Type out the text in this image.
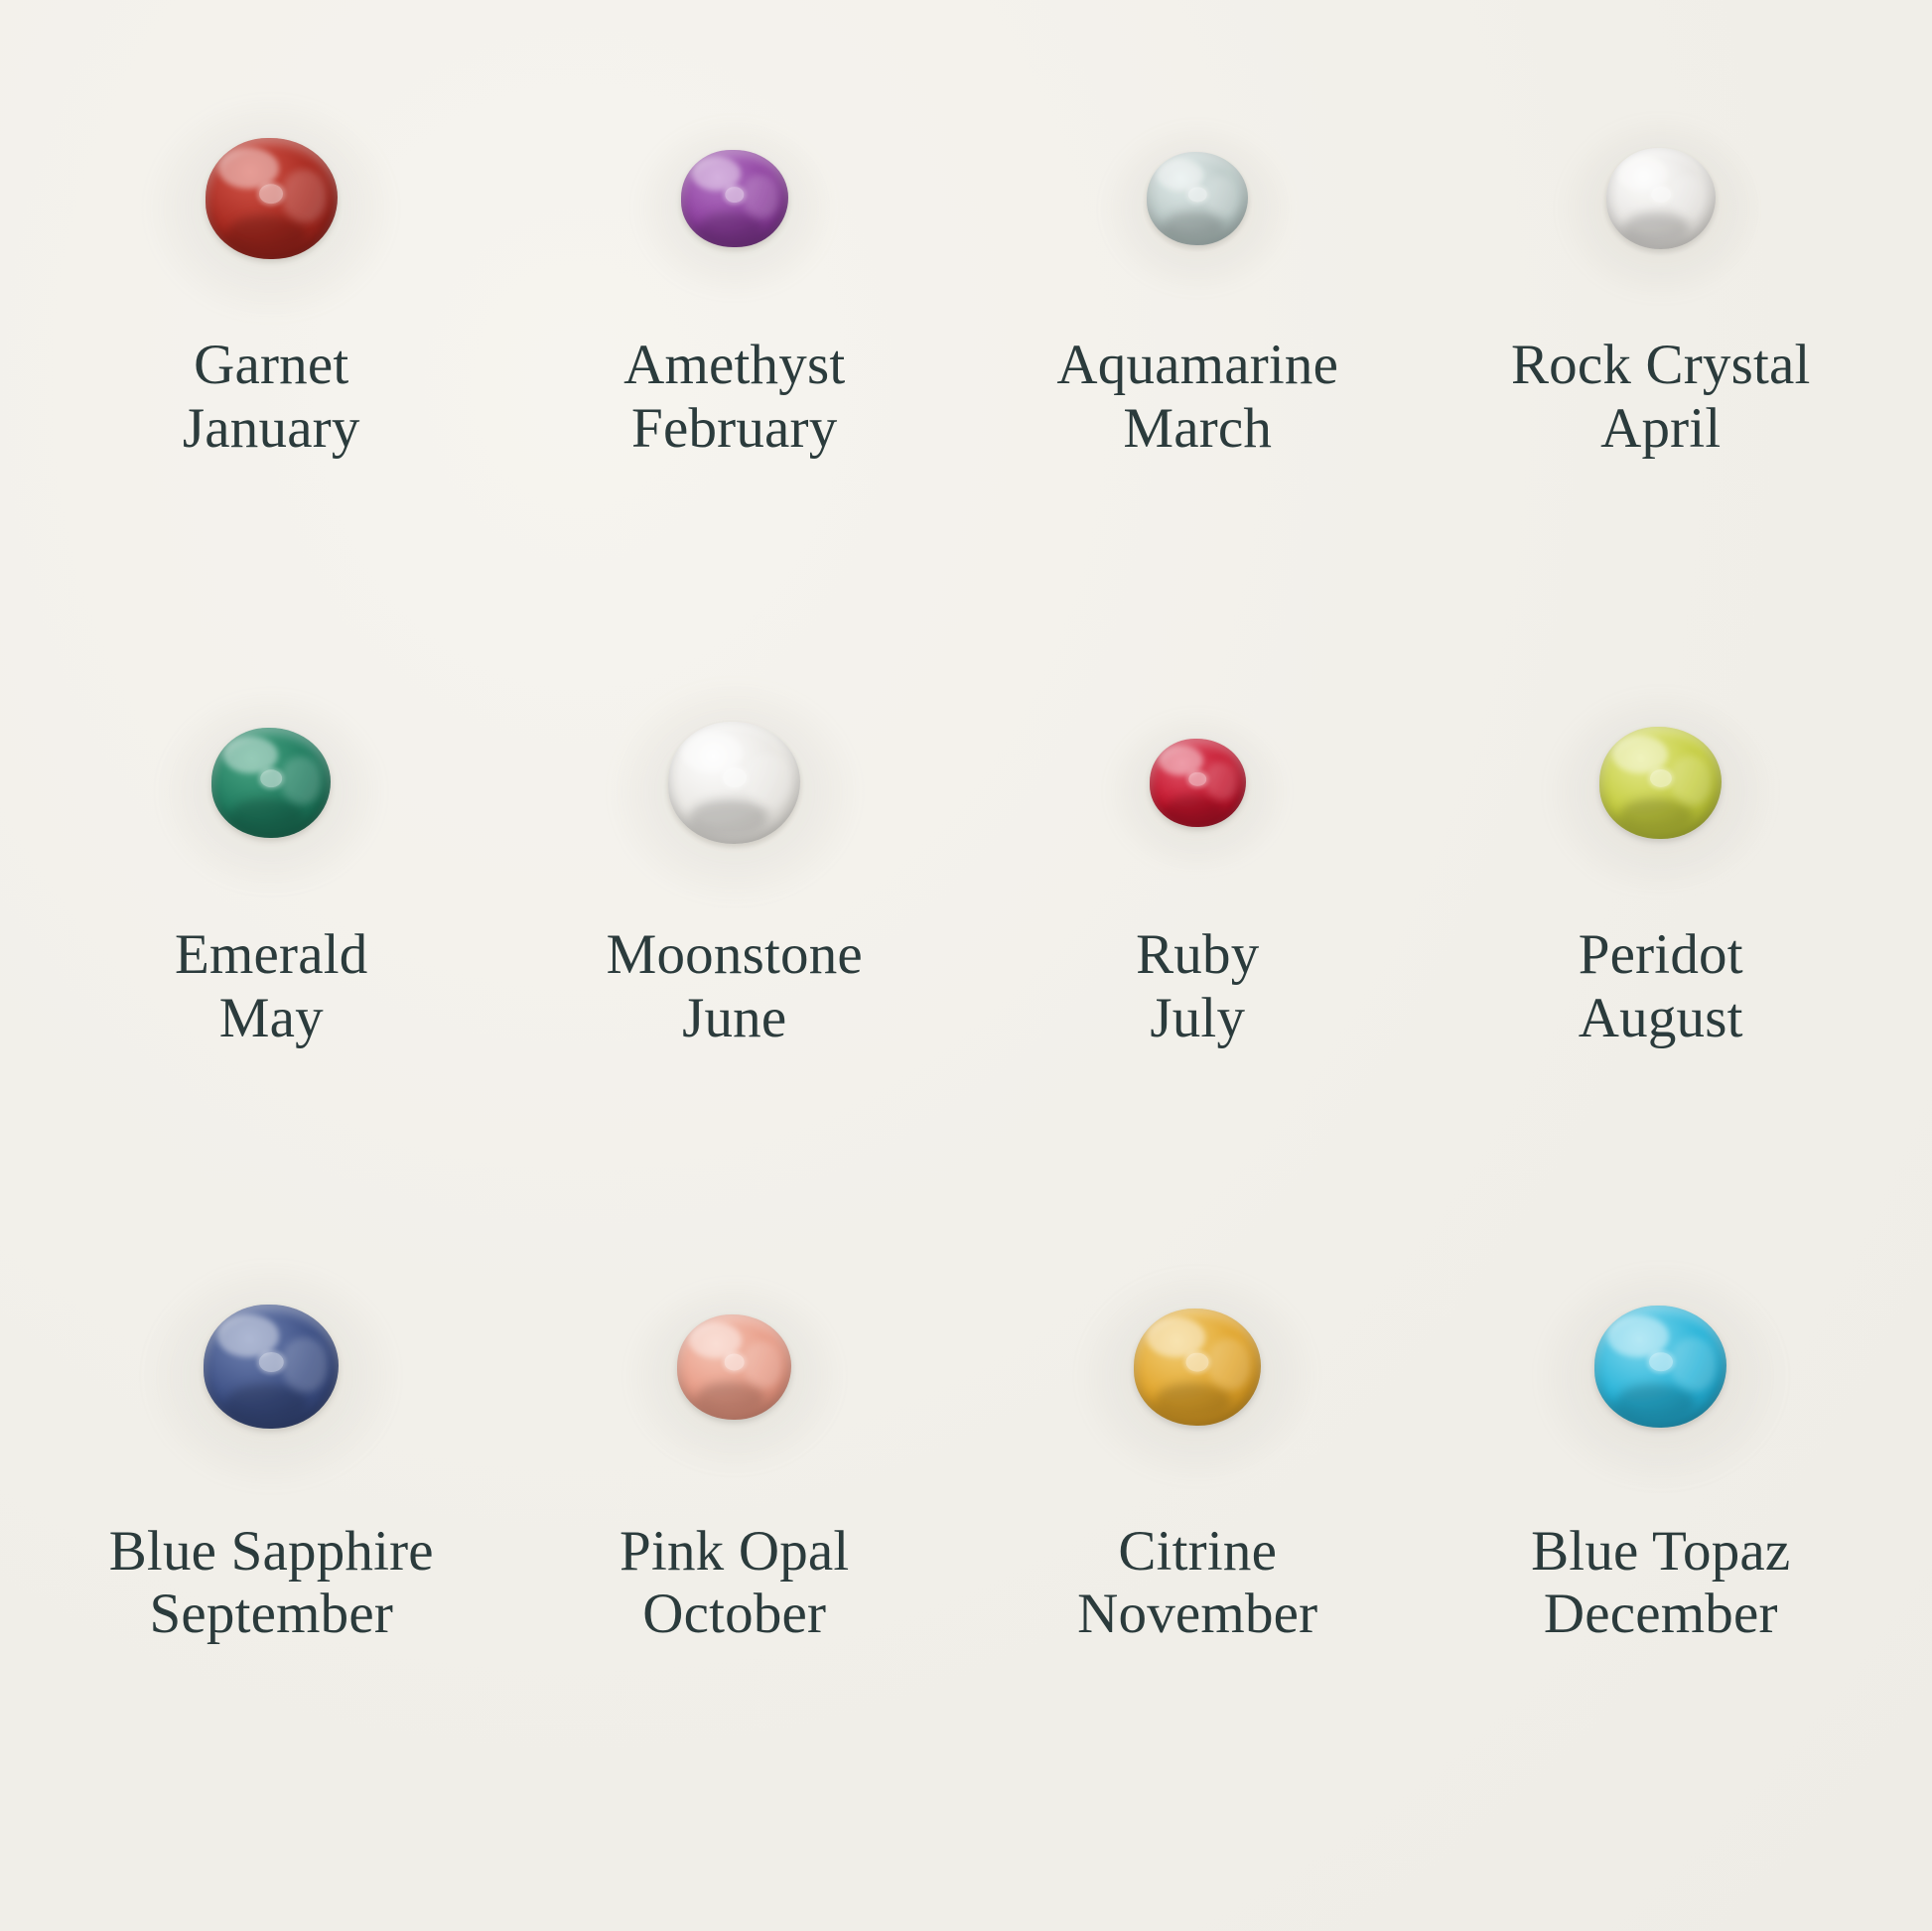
Garnet
January
Amethyst
February
Aquamarine
March
Rock Crystal
April
Emerald
May
Moonstone
June
Ruby
July
Peridot
August
Blue Sapphire
September
Pink Opal
October
Citrine
November
Blue Topaz
December
